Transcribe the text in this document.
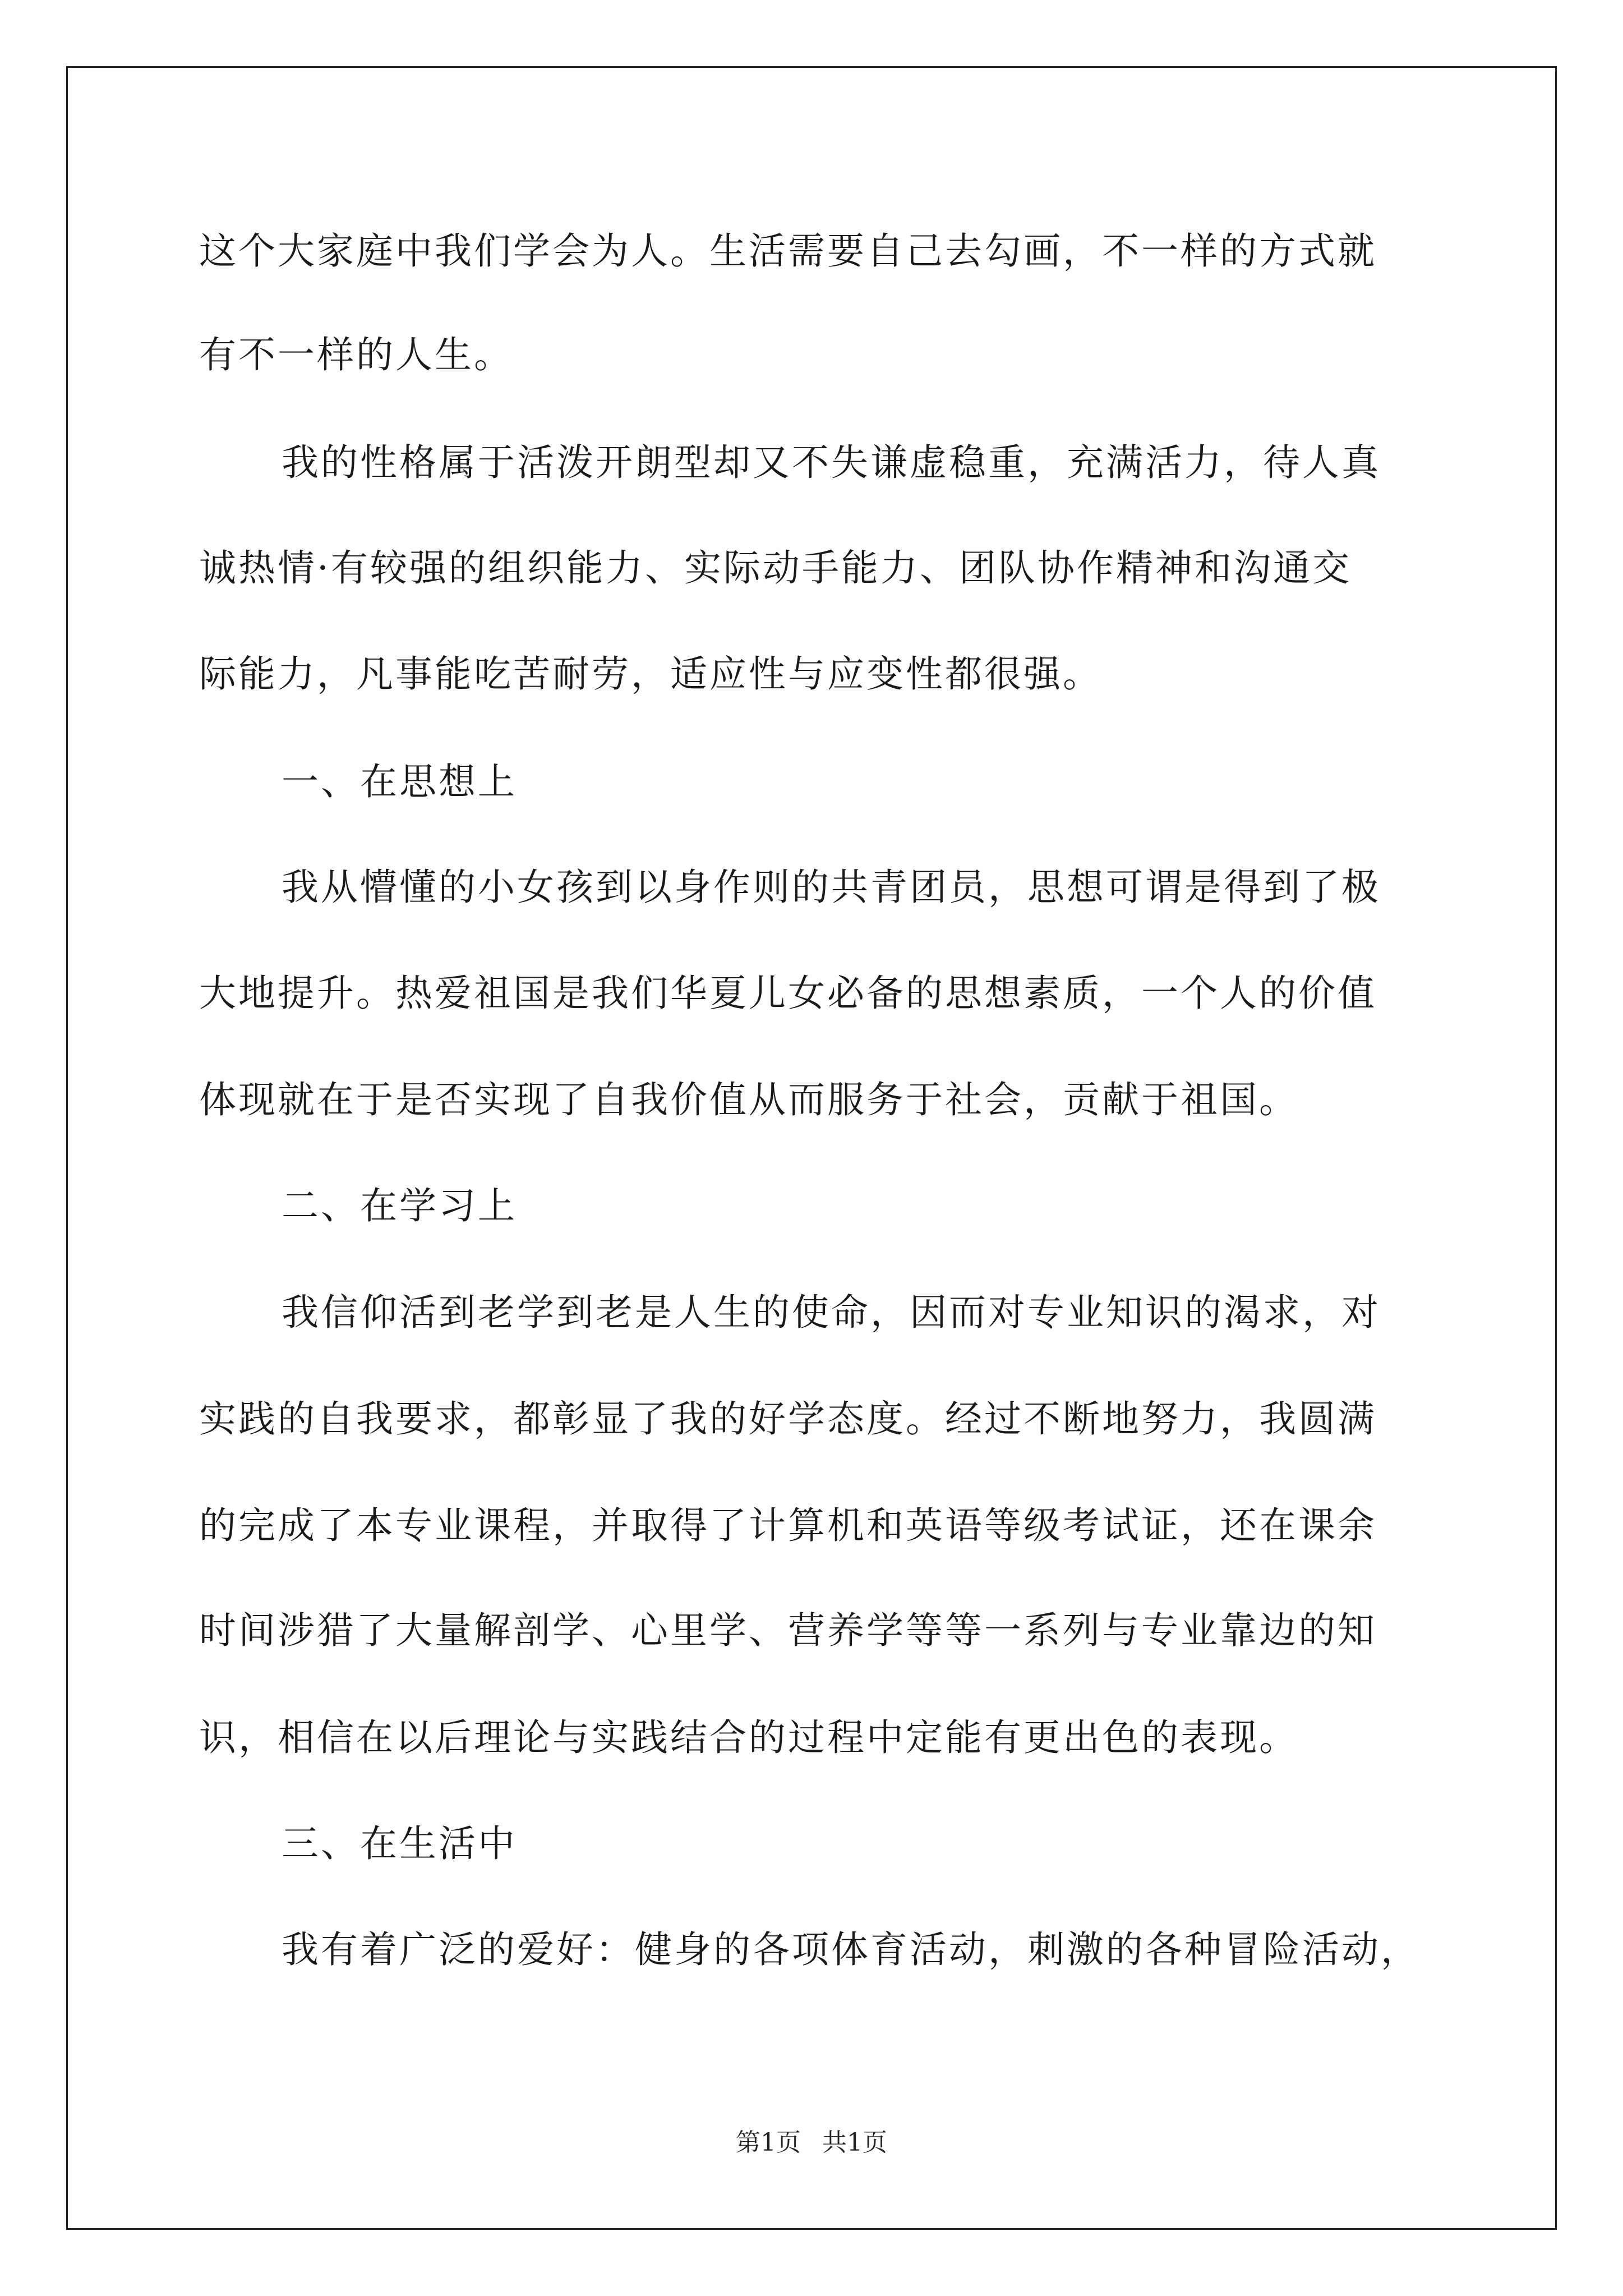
这个大家庭中我们学会为人。生活需要自己去勾画，不一样的方式就
有不一样的人生。
我的性格属于活泼开朗型却又不失谦虚稳重，充满活力，待人真
诚热情·有较强的组织能力、实际动手能力、团队协作精神和沟通交
际能力，凡事能吃苦耐劳，适应性与应变性都很强。
一、在思想上
我从懵懂的小女孩到以身作则的共青团员，思想可谓是得到了极
大地提升。热爱祖国是我们华夏儿女必备的思想素质，一个人的价值
体现就在于是否实现了自我价值从而服务于社会，贡献于祖国。
二、在学习上
我信仰活到老学到老是人生的使命，因而对专业知识的渴求，对
实践的自我要求，都彰显了我的好学态度。经过不断地努力，我圆满
的完成了本专业课程，并取得了计算机和英语等级考试证，还在课余
时间涉猎了大量解剖学、心里学、营养学等等一系列与专业靠边的知
识，相信在以后理论与实践结合的过程中定能有更出色的表现。
三、在生活中
我有着广泛的爱好：健身的各项体育活动，刺激的各种冒险活动，
第1页 共1页
